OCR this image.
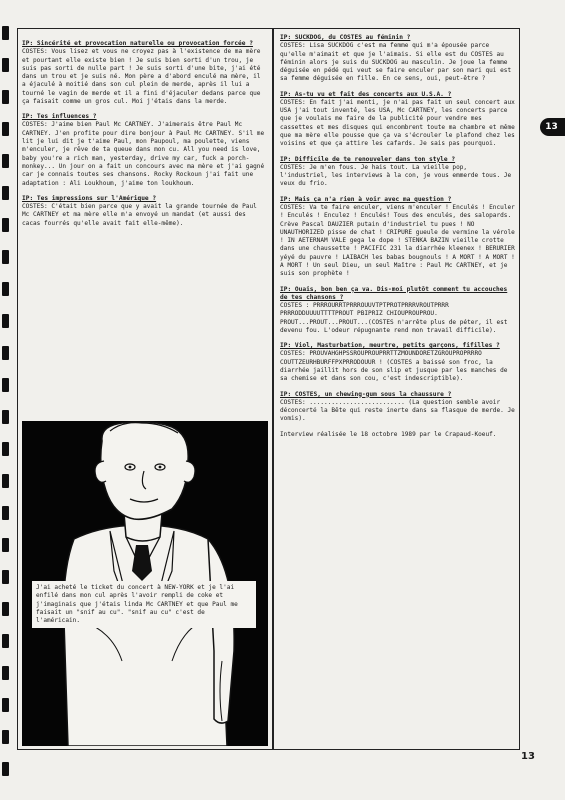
IP: Sincérité et provocation naturelle ou provocation forcée ?

COSTES: Vous lisez et vous ne croyez pas à l'existence de ma mère et pourtant elle existe bien ! Je suis bien sorti d'un trou, je suis pas sorti de nulle part ! Je suis sorti d'une bite, j'ai été dans un trou et je suis né. Mon père a d'abord enculé ma mère, il a éjaculé à moitié dans son cul plein de merde, après il lui a tourné le vagin de merde et il a fini d'éjaculer dedans parce que ça faisait comme un gros cul. Moi j'étais dans la merde.

IP: Tes influences ?

COSTES: J'aime bien Paul Mc CARTNEY. J'aimerais être Paul Mc CARTNEY. J'en profite pour dire bonjour à Paul Mc CARTNEY. S'il me lit je lui dit je t'aime Paul, mon Paupoul, ma poulette, viens m'enculer, je rêve de ta queue dans mon cu. All you need is love, baby you're a rich man, yesterday, drive my car, fuck a porch-monkey... Un jour on a fait un concours avec ma mère et j'ai gagné car je connais toutes ses chansons. Rocky Rockoun j'ai fait une adaptation : Ali Loukhoum, j'aime ton loukhoum.

IP: Tes impressions sur l'Amérique ?

COSTES: C'était bien parce que y avait la grande tournée de Paul Mc CARTNEY et ma mère elle m'a envoyé un mandat (et aussi des cacas fourrés qu'elle avait fait elle-même).

J'ai acheté le ticket du concert à NEW-YORK et je l'ai enfilé dans mon cul après l'avoir rempli de coke et j'imaginais que j'étais linda Mc CARTNEY et que Paul me faisait un "snif au cu". "snif au cu" c'est de l'américain.

IP: SUCKDOG, du COSTES au féminin ?

COSTES: Lisa SUCKDOG c'est ma femme qui m'a épousée parce qu'elle m'aimait et que je l'aimais. Si elle est du COSTES au féminin alors je suis du SUCKDOG au masculin. Je joue la femme déguisée en pédé qui veut se faire enculer par son mari qui est sa femme déguisée en fille. En ce sens, oui, peut-être ?

IP: As-tu vu et fait des concerts aux U.S.A. ?

COSTES: En fait j'ai menti, je n'ai pas fait un seul concert aux USA j'ai tout inventé, les USA, Mc CARTNEY, les concerts parce que je voulais me faire de la publicité pour vendre mes cassettes et mes disques qui encombrent toute ma chambre et même que ma mère elle pousse que ça va s'écrouler le plafond chez les voisins et que ça attire les cafards. Je sais pas pourquoi.

IP: Difficile de te renouveler dans ton style ?

COSTES: Je m'en fous. Je hais tout. La vieille pop, l'industriel, les interviews à la con, je vous emmerde tous. Je veux du frio.

IP: Mais ça n'a rien à voir avec ma question ?

COSTES: Va te faire enculer, viens m'enculer ! Enculés ! Enculer ! Enculés ! Enculez ! Enculés! Tous des enculés, des salopards. Crève Pascal DAUZIER putain d'industriel tu pues ! NO UNAUTHORIZED pisse de chat ! CRIPURE gueule de vermine la vérole ! IN AETERNAM VALE gega le dope ! STENKA BAZIN vieille crotte dans une chaussette ! PACIFIC 231 la diarrhée kleenex ! BERURIER yéyé du pauvre ! LAIBACH les babas bougnouls ! A MORT ! A MORT ! A MORT ! Un seul Dieu, un seul Maître : Paul Mc CARTNEY, et je suis son prophète !

IP: Ouais, bon ben ça va. Dis-moi plutôt comment tu accouches de tes chansons ?

COSTES : PRRROURRTPRRROUUVTPTPROTPRRRVROUTPRRR PRRRODDUUUUTTTTPROUT PBIPRIZ CHIOUPROUPROU. PROUT...PROUT...PROUT...(COSTES n'arrête plus de péter, il est devenu fou. L'odeur répugnante rend mon travail difficile).

IP: Viol, Masturbation, meurtre, petits garçons, fifilles ?

COSTES: PROUVAHGHPSSROUPROUPRRTTZMOUNDORETZGROUPROPRRRO COUTTZEURHBURFFPXPRRODOUUR ! (COSTES a baissé son froc, la diarrhée jaillit hors de son slip et jusque par les manches de sa chemise et dans son cou, c'est indescriptible).

IP: COSTES, un chewing-gum sous la chaussure ?

COSTES: .......................... (La question semble avoir déconcerté la Bête qui reste inerte dans sa flasque de merde. Je vomis).

Interview réalisée le 18 octobre 1989 par le Crapaud-Koeuf.

13
13
